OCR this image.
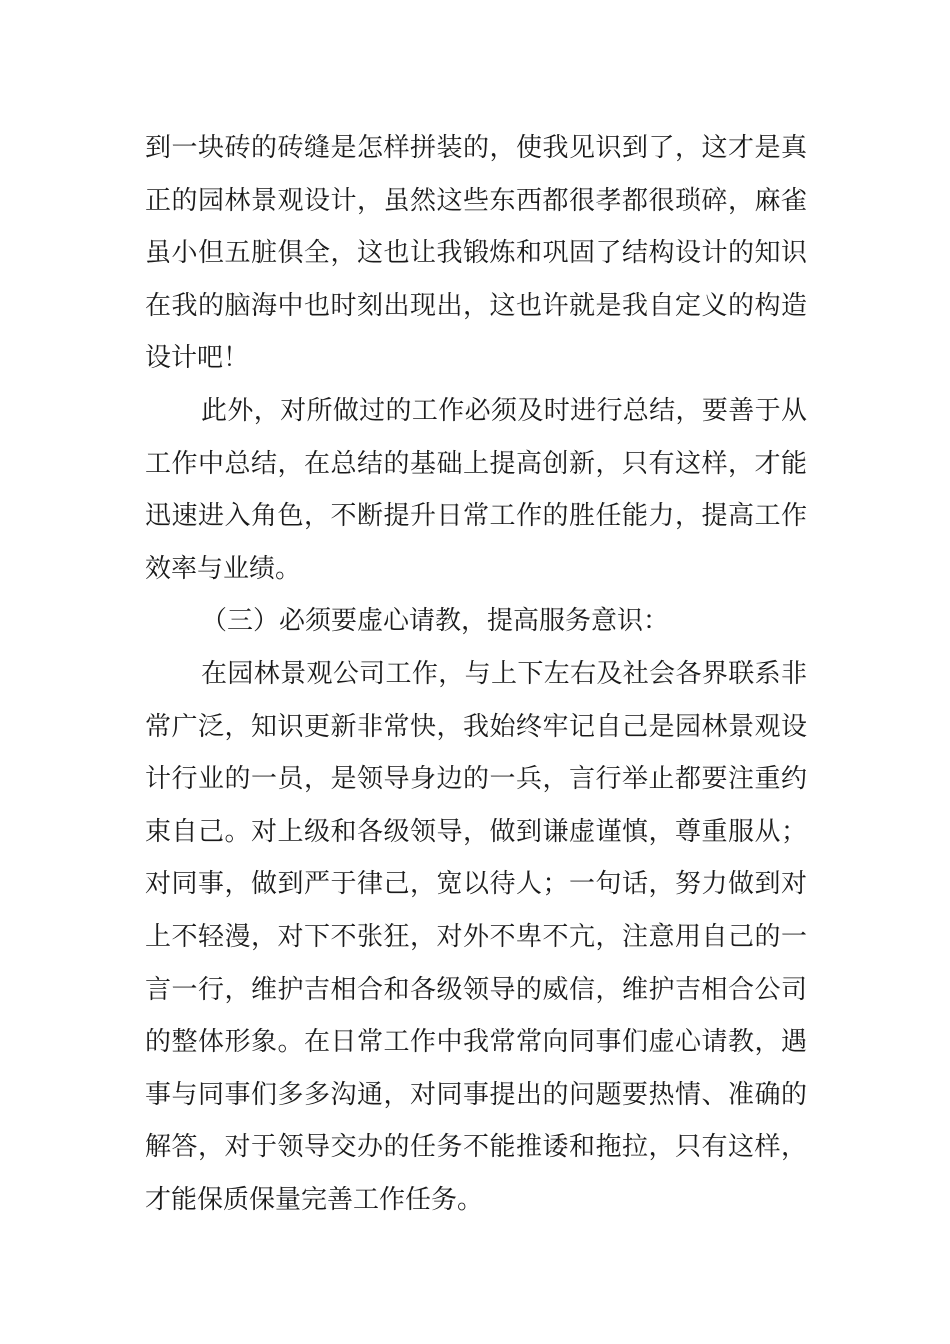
到一块砖的砖缝是怎样拼装的，使我见识到了，这才是真
正的园林景观设计，虽然这些东西都很孝都很琐碎，麻雀
虽小但五脏俱全，这也让我锻炼和巩固了结构设计的知识
在我的脑海中也时刻出现出，这也许就是我自定义的构造
设计吧！
此外，对所做过的工作必须及时进行总结，要善于从
工作中总结，在总结的基础上提高创新，只有这样，才能
迅速进入角色，不断提升日常工作的胜任能力，提高工作
效率与业绩。
（三）必须要虚心请教，提高服务意识：
在园林景观公司工作，与上下左右及社会各界联系非
常广泛，知识更新非常快，我始终牢记自己是园林景观设
计行业的一员，是领导身边的一兵，言行举止都要注重约
束自己。对上级和各级领导，做到谦虚谨慎，尊重服从；
对同事，做到严于律己，宽以待人；一句话，努力做到对
上不轻漫，对下不张狂，对外不卑不亢，注意用自己的一
言一行，维护吉相合和各级领导的威信，维护吉相合公司
的整体形象。在日常工作中我常常向同事们虚心请教，遇
事与同事们多多沟通，对同事提出的问题要热情、准确的
解答，对于领导交办的任务不能推诿和拖拉，只有这样，
才能保质保量完善工作任务。
